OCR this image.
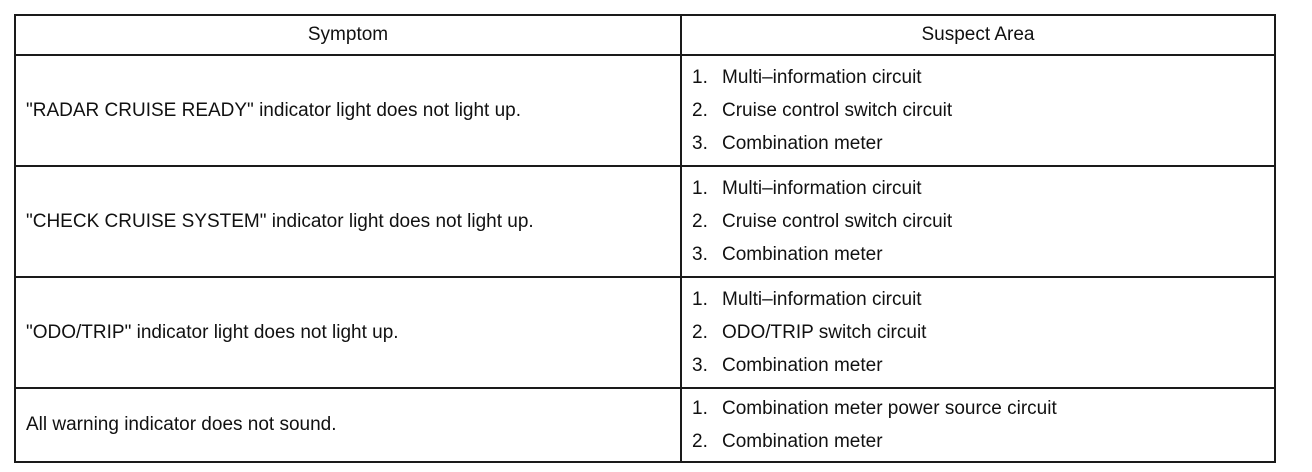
Symptom	Suspect Area
"RADAR CRUISE READY" indicator light does not light up.
1. Multi–information circuit
2. Cruise control switch circuit
3. Combination meter
"CHECK CRUISE SYSTEM" indicator light does not light up.
1. Multi–information circuit
2. Cruise control switch circuit
3. Combination meter
"ODO/TRIP" indicator light does not light up.
1. Multi–information circuit
2. ODO/TRIP switch circuit
3. Combination meter
All warning indicator does not sound.
1. Combination meter power source circuit
2. Combination meter
